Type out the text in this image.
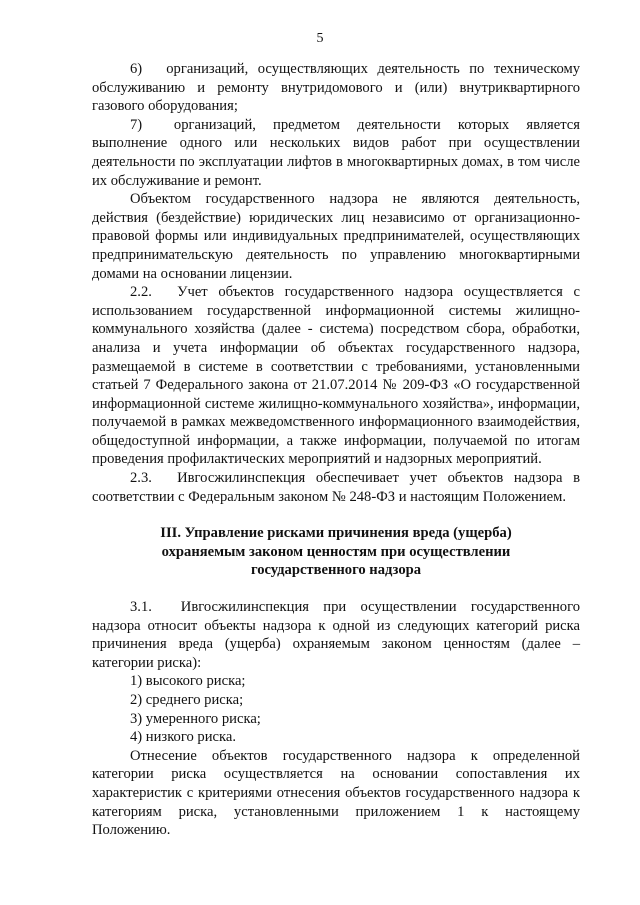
5

6)  организаций, осуществляющих деятельность по техническому обслуживанию и ремонту внутридомового и (или) внутриквартирного газового оборудования;

7)  организаций, предметом деятельности которых является выполнение одного или нескольких видов работ при осуществлении деятельности по эксплуатации лифтов в многоквартирных домах, в том числе их обслуживание и ремонт.

Объектом государственного надзора не являются деятельность, действия (бездействие) юридических лиц независимо от организационно-правовой формы или индивидуальных предпринимателей, осуществляющих предпринимательскую деятельность по управлению многоквартирными домами на основании лицензии.

2.2.  Учет объектов государственного надзора осуществляется с использованием государственной информационной системы жилищно-коммунального хозяйства (далее - система) посредством сбора, обработки, анализа и учета информации об объектах государственного надзора, размещаемой в системе в соответствии с требованиями, установленными статьей 7 Федерального закона от 21.07.2014 № 209-ФЗ «О государственной информационной системе жилищно-коммунального хозяйства», информации, получаемой в рамках межведомственного информационного взаимодействия, общедоступной информации, а также информации, получаемой по итогам проведения профилактических мероприятий и надзорных мероприятий.

2.3.  Ивгосжилинспекция обеспечивает учет объектов надзора в соответствии с Федеральным законом № 248-ФЗ и настоящим Положением.

III. Управление рисками причинения вреда (ущерба)
охраняемым законом ценностям при осуществлении
государственного надзора

3.1.  Ивгосжилинспекция при осуществлении государственного надзора относит объекты надзора к одной из следующих категорий риска причинения вреда (ущерба) охраняемым законом ценностям (далее – категории риска):

1) высокого риска;

2) среднего риска;

3) умеренного риска;

4) низкого риска.

Отнесение объектов государственного надзора к определенной категории риска осуществляется на основании сопоставления их характеристик с критериями отнесения объектов государственного надзора к категориям риска, установленными приложением 1 к настоящему Положению.
